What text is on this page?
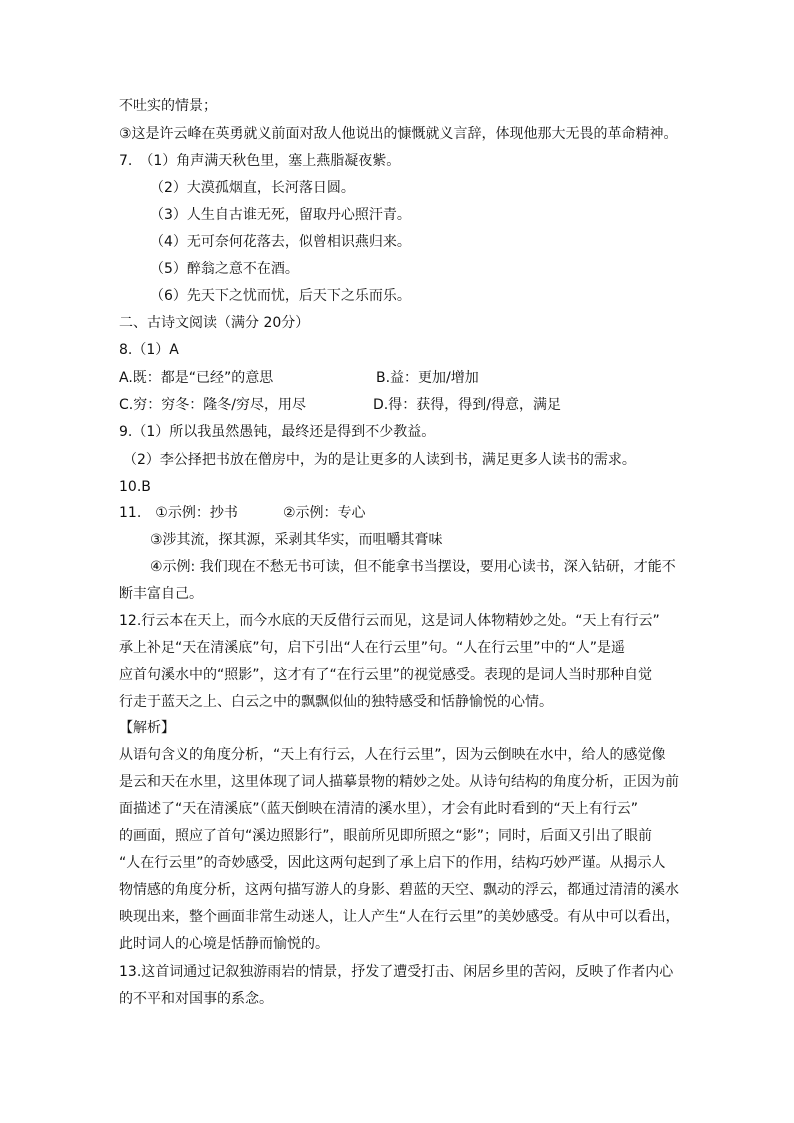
不吐实的情景；
③这是许云峰在英勇就义前面对敌人他说出的慷慨就义言辞，体现他那大无畏的革命精神。
7.　（1）角声满天秋色里，塞上燕脂凝夜紫。
（2）大漠孤烟直，长河落日圆。
（3）人生自古谁无死，留取丹心照汗青。
（4）无可奈何花落去，似曾相识燕归来。
（5）醉翁之意不在酒。
（6）先天下之忧而忧，后天下之乐而乐。
二、古诗文阅读（满分 20分）
8.（1）A
A.既：都是“已经”的意思	B.益：更加/增加
C.穷：穷冬：隆冬/穷尽，用尽	D.得：获得，得到/得意，满足
9.（1）所以我虽然愚钝，最终还是得到不少教益。
（2）李公择把书放在僧房中，为的是让更多的人读到书，满足更多人读书的需求。
10.B
11.　①示例：抄书	②示例：专心
③涉其流，探其源，采剥其华实，而咀嚼其膏味
④示例: 我们现在不愁无书可读，但不能拿书当摆设，要用心读书，深入钻研，才能不
断丰富自己。
12.行云本在天上，而今水底的天反借行云而见，这是词人体物精妙之处。“天上有行云”
承上补足“天在清溪底”句，启下引出“人在行云里”句。“人在行云里”中的“人”是遥
应首句溪水中的“照影”，这才有了“在行云里”的视觉感受。表现的是词人当时那种自觉
行走于蓝天之上、白云之中的飘飘似仙的独特感受和恬静愉悦的心情。
【解析】
从语句含义的角度分析，“天上有行云，人在行云里”，因为云倒映在水中，给人的感觉像
是云和天在水里，这里体现了词人描摹景物的精妙之处。从诗句结构的角度分析，正因为前
面描述了“天在清溪底”（蓝天倒映在清清的溪水里），才会有此时看到的“天上有行云”
的画面，照应了首句“溪边照影行”，眼前所见即所照之“影”；同时，后面又引出了眼前
“人在行云里”的奇妙感受，因此这两句起到了承上启下的作用，结构巧妙严谨。从揭示人
物情感的角度分析，这两句描写游人的身影、碧蓝的天空、飘动的浮云，都通过清清的溪水
映现出来，整个画面非常生动迷人，让人产生“人在行云里”的美妙感受。有从中可以看出，
此时词人的心境是恬静而愉悦的。
13.这首词通过记叙独游雨岩的情景，抒发了遭受打击、闲居乡里的苦闷，反映了作者内心
的不平和对国事的系念。
